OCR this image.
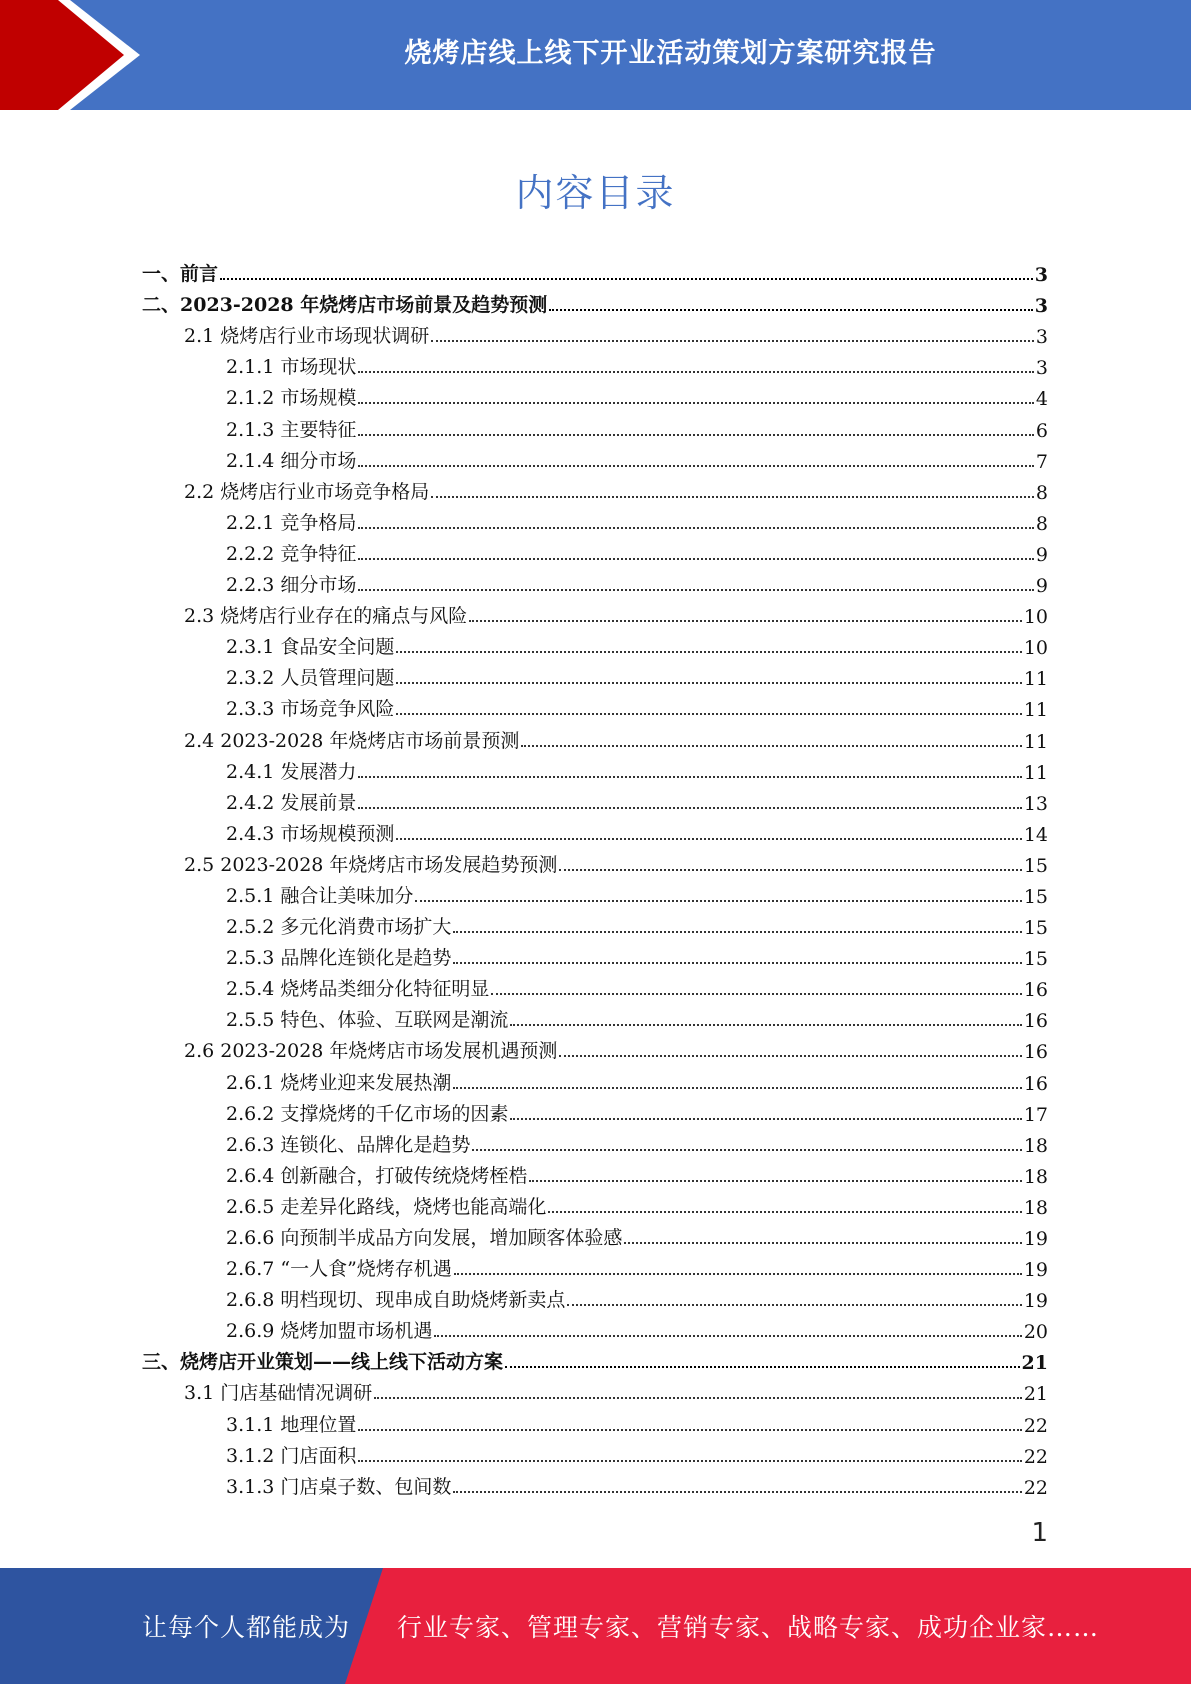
烧烤店线上线下开业活动策划方案研究报告
内容目录
一、前言	3
二、2023-2028 年烧烤店市场前景及趋势预测	3
2.1 烧烤店行业市场现状调研	3
2.1.1 市场现状	3
2.1.2 市场规模	4
2.1.3 主要特征	6
2.1.4 细分市场	7
2.2 烧烤店行业市场竞争格局	8
2.2.1 竞争格局	8
2.2.2 竞争特征	9
2.2.3 细分市场	9
2.3 烧烤店行业存在的痛点与风险	10
2.3.1 食品安全问题	10
2.3.2 人员管理问题	11
2.3.3 市场竞争风险	11
2.4 2023-2028 年烧烤店市场前景预测	11
2.4.1 发展潜力	11
2.4.2 发展前景	13
2.4.3 市场规模预测	14
2.5 2023-2028 年烧烤店市场发展趋势预测	15
2.5.1 融合让美味加分	15
2.5.2 多元化消费市场扩大	15
2.5.3 品牌化连锁化是趋势	15
2.5.4 烧烤品类细分化特征明显	16
2.5.5 特色、体验、互联网是潮流	16
2.6 2023-2028 年烧烤店市场发展机遇预测	16
2.6.1 烧烤业迎来发展热潮	16
2.6.2 支撑烧烤的千亿市场的因素	17
2.6.3 连锁化、品牌化是趋势	18
2.6.4 创新融合，打破传统烧烤桎梏	18
2.6.5 走差异化路线，烧烤也能高端化	18
2.6.6 向预制半成品方向发展，增加顾客体验感	19
2.6.7 “一人食”烧烤存机遇	19
2.6.8 明档现切、现串成自助烧烤新卖点	19
2.6.9 烧烤加盟市场机遇	20
三、烧烤店开业策划——线上线下活动方案	21
3.1 门店基础情况调研	21
3.1.1 地理位置	22
3.1.2 门店面积	22
3.1.3 门店桌子数、包间数	22
1
让每个人都能成为 行业专家、管理专家、营销专家、战略专家、成功企业家……
